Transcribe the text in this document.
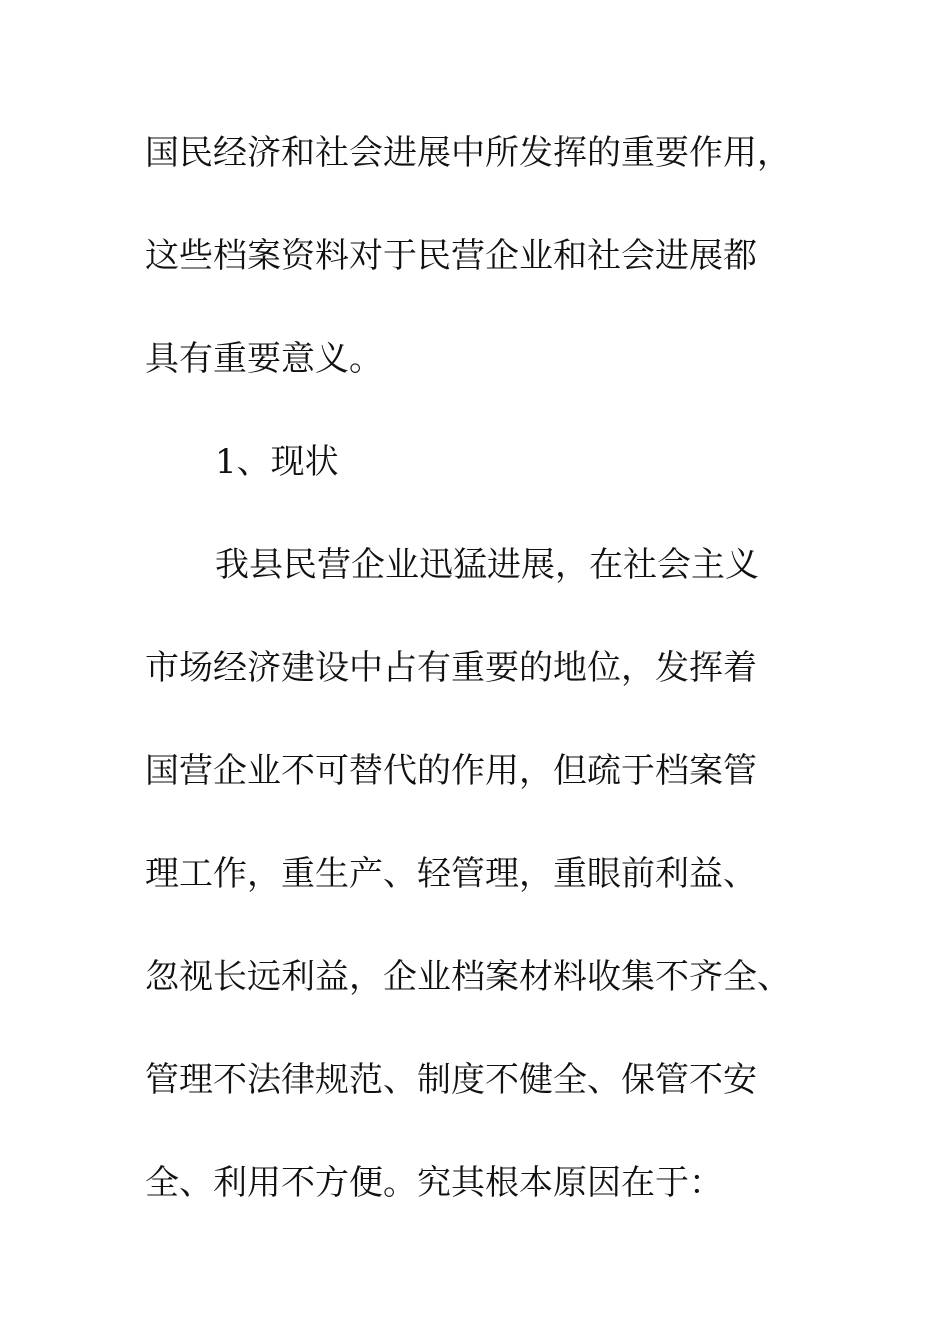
国民经济和社会进展中所发挥的重要作用，
这些档案资料对于民营企业和社会进展都
具有重要意义。
1、现状
我县民营企业迅猛进展，在社会主义
市场经济建设中占有重要的地位，发挥着
国营企业不可替代的作用，但疏于档案管
理工作，重生产、轻管理，重眼前利益、
忽视长远利益，企业档案材料收集不齐全、
管理不法律规范、制度不健全、保管不安
全、利用不方便。究其根本原因在于：
